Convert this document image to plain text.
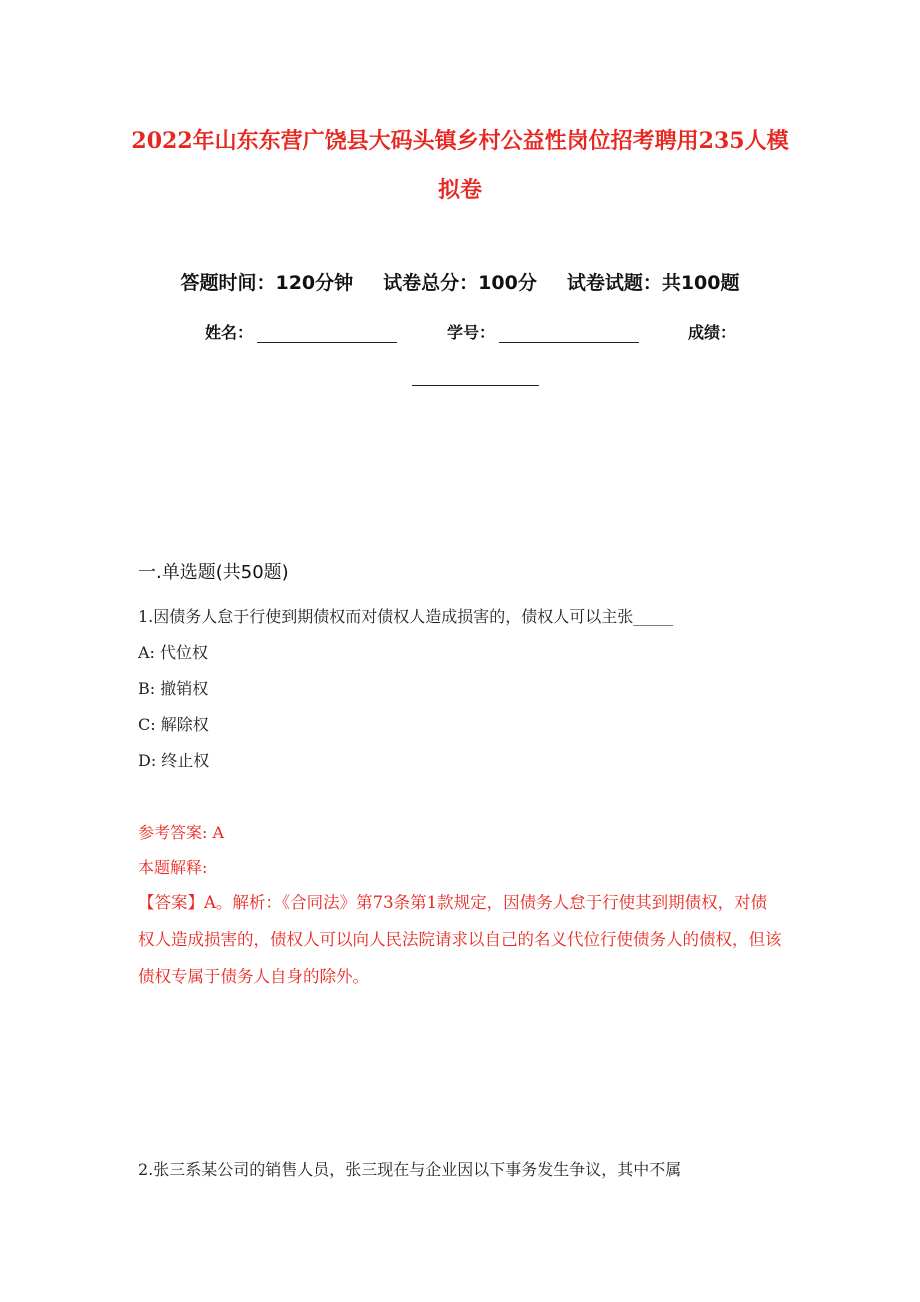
2022年山东东营广饶县大码头镇乡村公益性岗位招考聘用235人模
拟卷
答题时间：120分钟 试卷总分：100分 试卷试题：共100题
姓名：	学号：	成绩：
一.单选题(共50题)
1.因债务人怠于行使到期债权而对债权人造成损害的，债权人可以主张_____
A: 代位权
B: 撤销权
C: 解除权
D: 终止权
参考答案: A
本题解释:
【答案】A。解析：《合同法》第73条第1款规定，因债务人怠于行使其到期债权，对债权人造成损害的，债权人可以向人民法院请求以自己的名义代位行使债务人的债权，但该债权专属于债务人自身的除外。
2.张三系某公司的销售人员，张三现在与企业因以下事务发生争议，其中不属
